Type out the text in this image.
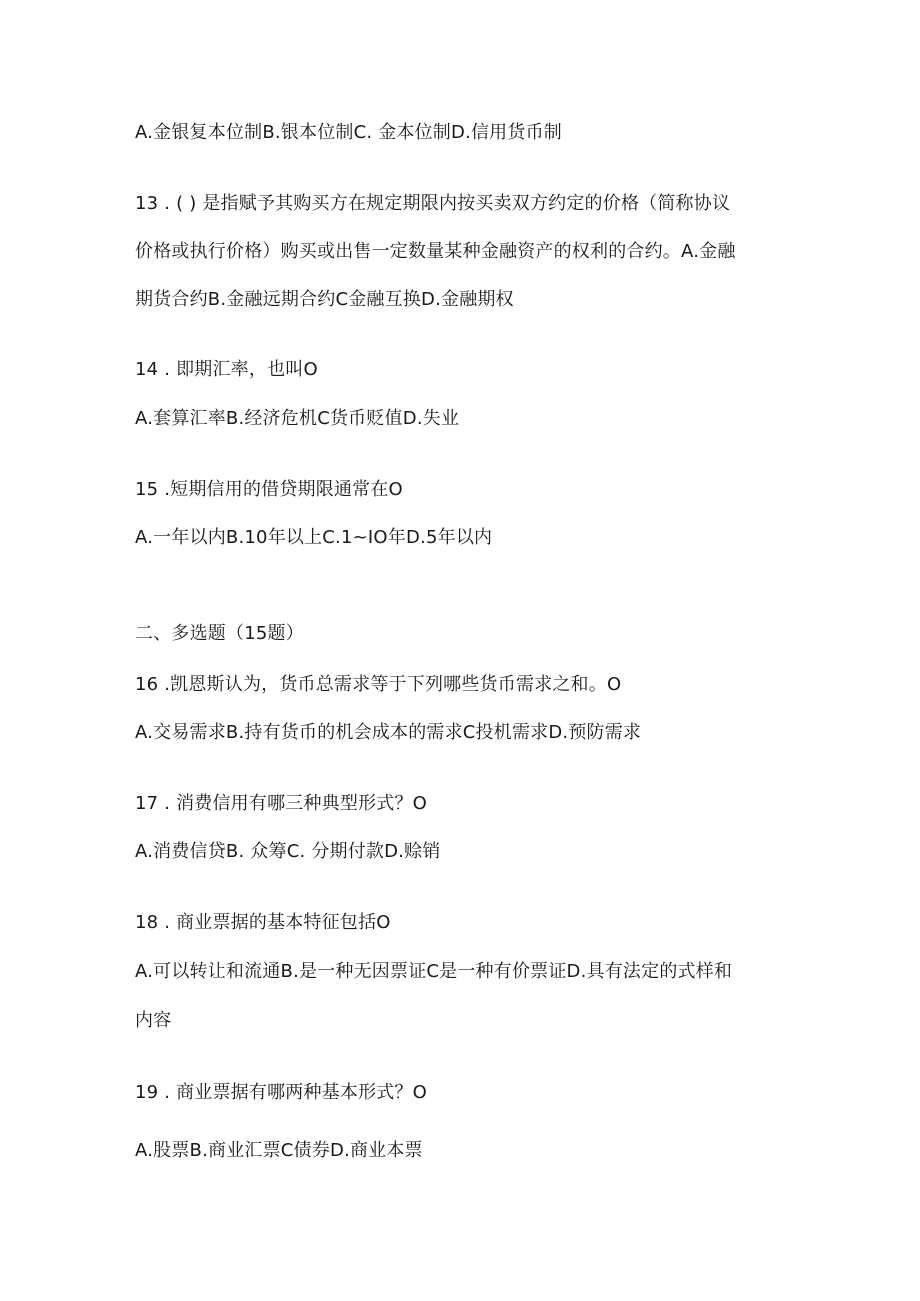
A.金银复本位制B.银本位制C. 金本位制D.信用货币制
13 . ( ) 是指赋予其购买方在规定期限内按买卖双方约定的价格（简称协议
价格或执行价格）购买或出售一定数量某种金融资产的权利的合约。A.金融
期货合约B.金融远期合约C金融互换D.金融期权
14 . 即期汇率，也叫O
A.套算汇率B.经济危机C货币贬值D.失业
15 .短期信用的借贷期限通常在O
A.一年以内B.10年以上C.1~IO年D.5年以内
二、多选题（15题）
16 .凯恩斯认为，货币总需求等于下列哪些货币需求之和。O
A.交易需求B.持有货币的机会成本的需求C投机需求D.预防需求
17 . 消费信用有哪三种典型形式？O
A.消费信贷B. 众筹C. 分期付款D.赊销
18 . 商业票据的基本特征包括O
A.可以转让和流通B.是一种无因票证C是一种有价票证D.具有法定的式样和
内容
19 . 商业票据有哪两种基本形式？O
A.股票B.商业汇票C债券D.商业本票
